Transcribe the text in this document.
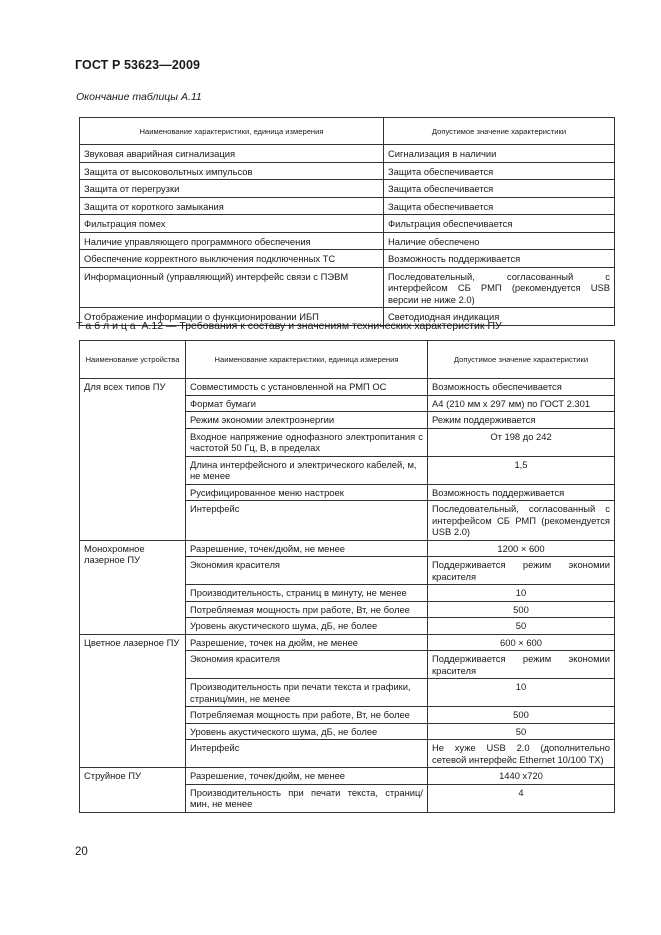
ГОСТ Р 53623—2009
Окончание таблицы А.11
Наименование характеристики, единица измерения	Допустимое значение характеристики
Звуковая аварийная сигнализация	Сигнализация в наличии
Защита от высоковольтных импульсов	Защита обеспечивается
Защита от перегрузки	Защита обеспечивается
Защита от короткого замыкания	Защита обеспечивается
Фильтрация помех	Фильтрация обеспечивается
Наличие управляющего программного обеспечения	Наличие обеспечено
Обеспечение корректного выключения подключенных ТС	Возможность поддерживается
Информационный (управляющий) интерфейс связи с ПЭВМ	Последовательный, согласованный с интерфейсом СБ РМП (рекомендуется USB версии не ниже 2.0)
Отображение информации о функционировании ИБП	Светодиодная индикация
Т а б л и ц а  А.12 — Требования к составу и значениям технических характеристик ПУ
Наименование устройства	Наименование характеристики, единица измерения	Допустимое значение характеристики
Для всех типов ПУ	Совместимость с установленной на РМП ОС	Возможность обеспечивается
	Формат бумаги	А4 (210 мм х 297 мм) по ГОСТ 2.301
	Режим экономии электроэнергии	Режим поддерживается
	Входное напряжение однофазного электропитания с частотой 50 Гц, В, в пределах	От 198 до 242
	Длина интерфейсного и электрического кабелей, м, не менее	1,5
	Русифицированное меню настроек	Возможность поддерживается
	Интерфейс	Последовательный, согласованный с интерфейсом СБ РМП (рекомендуется USB 2.0)
Монохромное лазерное ПУ	Разрешение, точек/дюйм, не менее	1200 × 600
	Экономия красителя	Поддерживается режим экономии красителя
	Производительность, страниц в минуту, не менее	10
	Потребляемая мощность при работе, Вт, не более	500
	Уровень акустического шума, дБ, не более	50
Цветное лазерное ПУ	Разрешение, точек на дюйм, не менее	600 × 600
	Экономия красителя	Поддерживается режим экономии красителя
	Производительность при печати текста и графики, страниц/мин, не менее	10
	Потребляемая мощность при работе, Вт, не более	500
	Уровень акустического шума, дБ, не более	50
	Интерфейс	Не хуже USB 2.0 (дополнительно сетевой интерфейс Ethernet 10/100 TX)
Струйное ПУ	Разрешение, точек/дюйм, не менее	1440 x720
	Производительность при печати текста, страниц/мин, не менее	4
20
